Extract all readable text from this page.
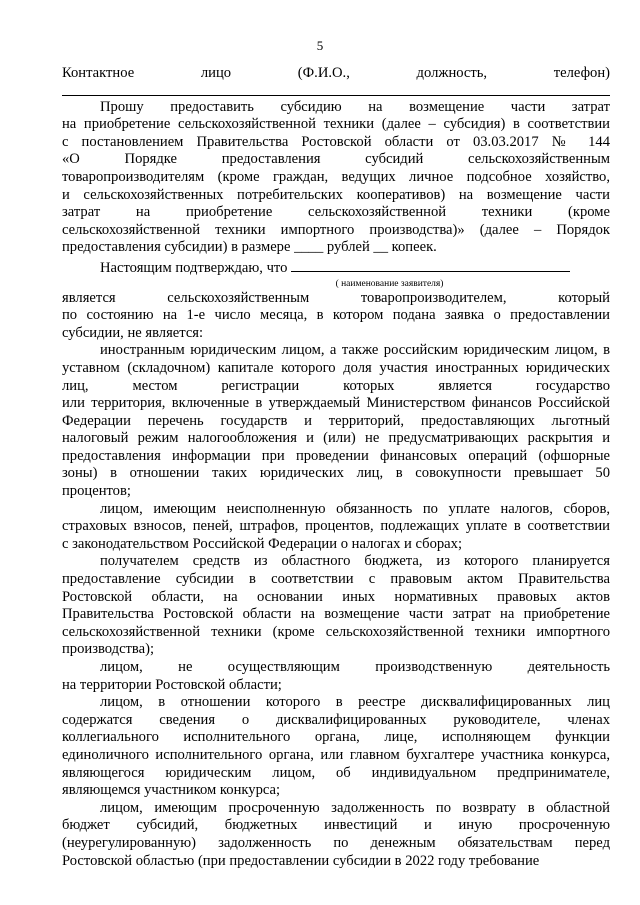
5

Контактное лицо (Ф.И.О., должность, телефон)

Прошу предоставить субсидию на возмещение части затрат

на приобретение сельскохозяйственной техники (далее – субсидия) в соответствии

с постановлением Правительства Ростовской области от 03.03.2017 № 144

«О Порядке предоставления субсидий сельскохозяйственным

товаропроизводителям (кроме граждан, ведущих личное подсобное хозяйство,

и сельскохозяйственных потребительских кооперативов) на возмещение части

затрат на приобретение сельскохозяйственной техники (кроме

сельскохозяйственной техники импортного производства)» (далее – Порядок

предоставления субсидии) в размере ____ рублей __ копеек.

Настоящим подтверждаю, что

( наименование заявителя)

является сельскохозяйственным товаропроизводителем, который

по состоянию на 1-е число месяца, в котором подана заявка о предоставлении

субсидии, не является:

иностранным юридическим лицом, а также российским юридическим лицом, в

уставном (складочном) капитале которого доля участия иностранных юридических

лиц, местом регистрации которых является государство

или территория, включенные в утверждаемый Министерством финансов Российской

Федерации перечень государств и территорий, предоставляющих льготный

налоговый режим налогообложения и (или) не предусматривающих раскрытия и

предоставления информации при проведении финансовых операций (офшорные

зоны) в отношении таких юридических лиц, в совокупности превышает 50

процентов;

лицом, имеющим неисполненную обязанность по уплате налогов, сборов,

страховых взносов, пеней, штрафов, процентов, подлежащих уплате в соответствии

с законодательством Российской Федерации о налогах и сборах;

получателем средств из областного бюджета, из которого планируется

предоставление субсидии в соответствии с правовым актом Правительства

Ростовской области, на основании иных нормативных правовых актов

Правительства Ростовской области на возмещение части затрат на приобретение

сельскохозяйственной техники (кроме сельскохозяйственной техники импортного

производства);

лицом, не осуществляющим производственную деятельность

на территории Ростовской области;

лицом, в отношении которого в реестре дисквалифицированных лиц

содержатся сведения о дисквалифицированных руководителе, членах

коллегиального исполнительного органа, лице, исполняющем функции

единоличного исполнительного органа, или главном бухгалтере участника конкурса,

являющегося юридическим лицом, об индивидуальном предпринимателе,

являющемся участником конкурса;

лицом, имеющим просроченную задолженность по возврату в областной

бюджет субсидий, бюджетных инвестиций и иную просроченную

(неурегулированную) задолженность по денежным обязательствам перед

Ростовской областью (при предоставлении субсидии в 2022 году требование
